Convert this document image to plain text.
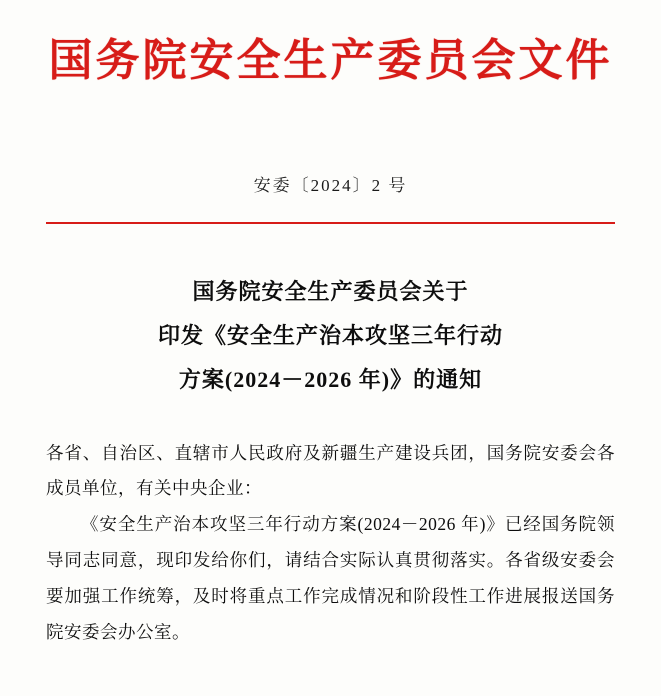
国务院安全生产委员会文件
安委〔2024〕2 号
国务院安全生产委员会关于
印发《安全生产治本攻坚三年行动
方案(2024－2026 年)》的通知

各省、自治区、直辖市人民政府及新疆生产建设兵团，国务院安委会各成员单位，有关中央企业：

《安全生产治本攻坚三年行动方案(2024－2026 年)》已经国务院领导同志同意，现印发给你们，请结合实际认真贯彻落实。各省级安委会要加强工作统筹，及时将重点工作完成情况和阶段性工作进展报送国务院安委会办公室。
